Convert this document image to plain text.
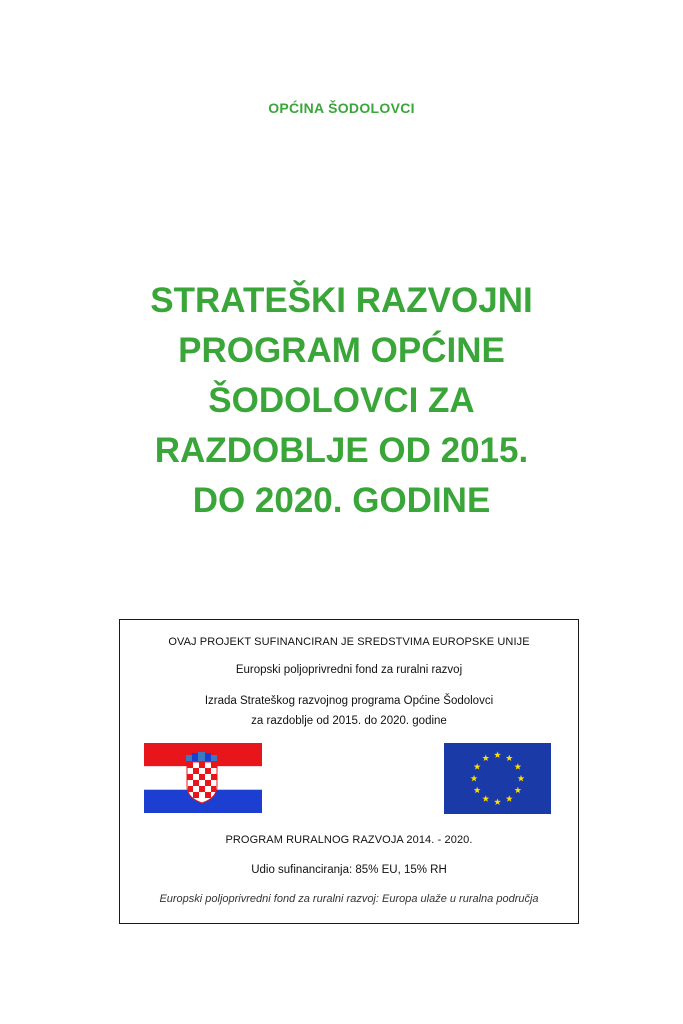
OPĆINA ŠODOLOVCI
STRATEŠKI RAZVOJNI
PROGRAM OPĆINE
ŠODOLOVCI ZA
RAZDOBLJE OD 2015.
DO 2020. GODINE
OVAJ PROJEKT SUFINANCIRAN JE SREDSTVIMA EUROPSKE UNIJE
Europski poljoprivredni fond za ruralni razvoj
Izrada Strateškog razvojnog programa Općine Šodolovci
za razdoblje od 2015. do 2020. godine
PROGRAM RURALNOG RAZVOJA 2014. - 2020.
Udio sufinanciranja: 85% EU, 15% RH
Europski poljoprivredni fond za ruralni razvoj: Europa ulaže u ruralna područja
